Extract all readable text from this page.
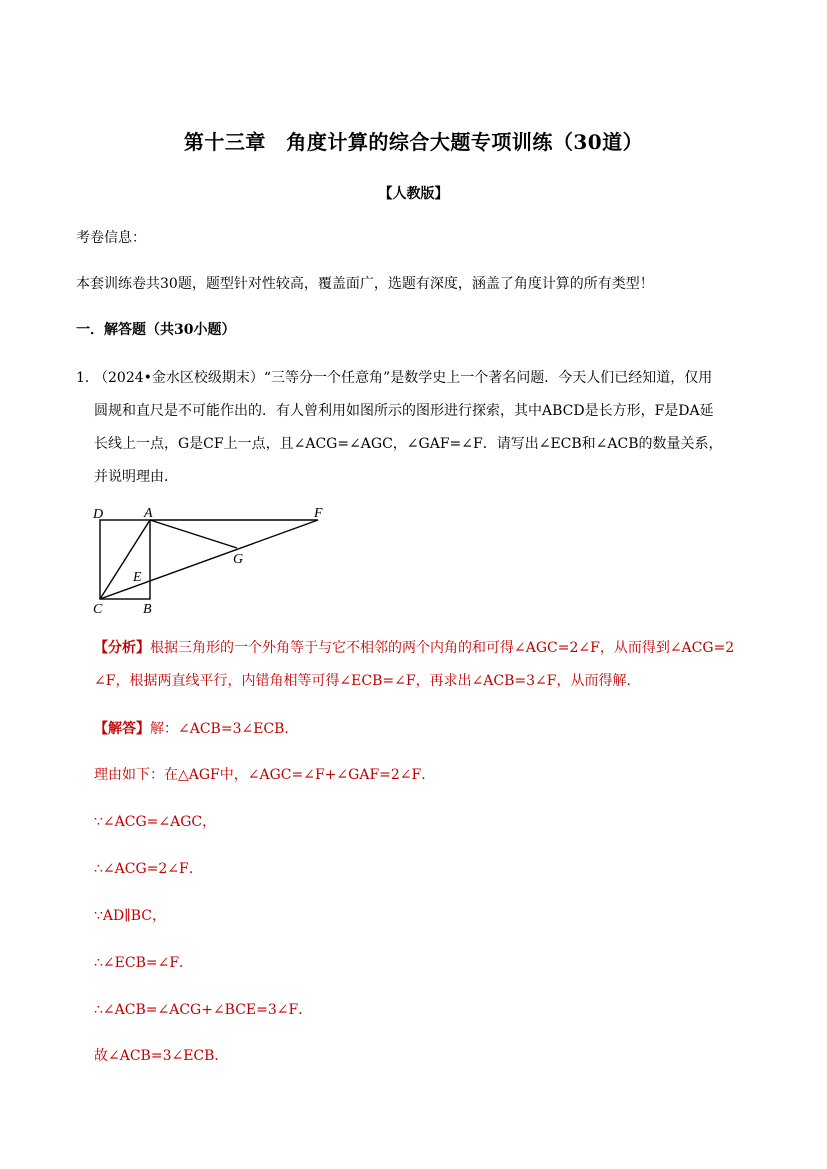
第十三章　角度计算的综合大题专项训练（30道）
【人教版】
考卷信息：
本套训练卷共30题，题型针对性较高，覆盖面广，选题有深度，涵盖了角度计算的所有类型！
一．解答题（共30小题）
1．
（2024•金水区校级期末）“三等分一个任意角”是数学史上一个著名问题．今天人们已经知道，仅用
圆规和直尺是不可能作出的．有人曾利用如图所示的图形进行探索，其中ABCD是长方形，F是DA延
长线上一点，G是CF上一点，且∠ACG=∠AGC，∠GAF=∠F．请写出∠ECB和∠ACB的数量关系，
并说明理由．
D	A	F
G
E
C	B
【分析】根据三角形的一个外角等于与它不相邻的两个内角的和可得∠AGC=2∠F，从而得到∠ACG=2
∠F，根据两直线平行，内错角相等可得∠ECB=∠F，再求出∠ACB=3∠F，从而得解．
【解答】解：∠ACB=3∠ECB．
理由如下：在△AGF中，∠AGC=∠F+∠GAF=2∠F．
∵∠ACG=∠AGC，
∴∠ACG=2∠F．
∵AD∥BC，
∴∠ECB=∠F．
∴∠ACB=∠ACG+∠BCE=3∠F．
故∠ACB=3∠ECB．
